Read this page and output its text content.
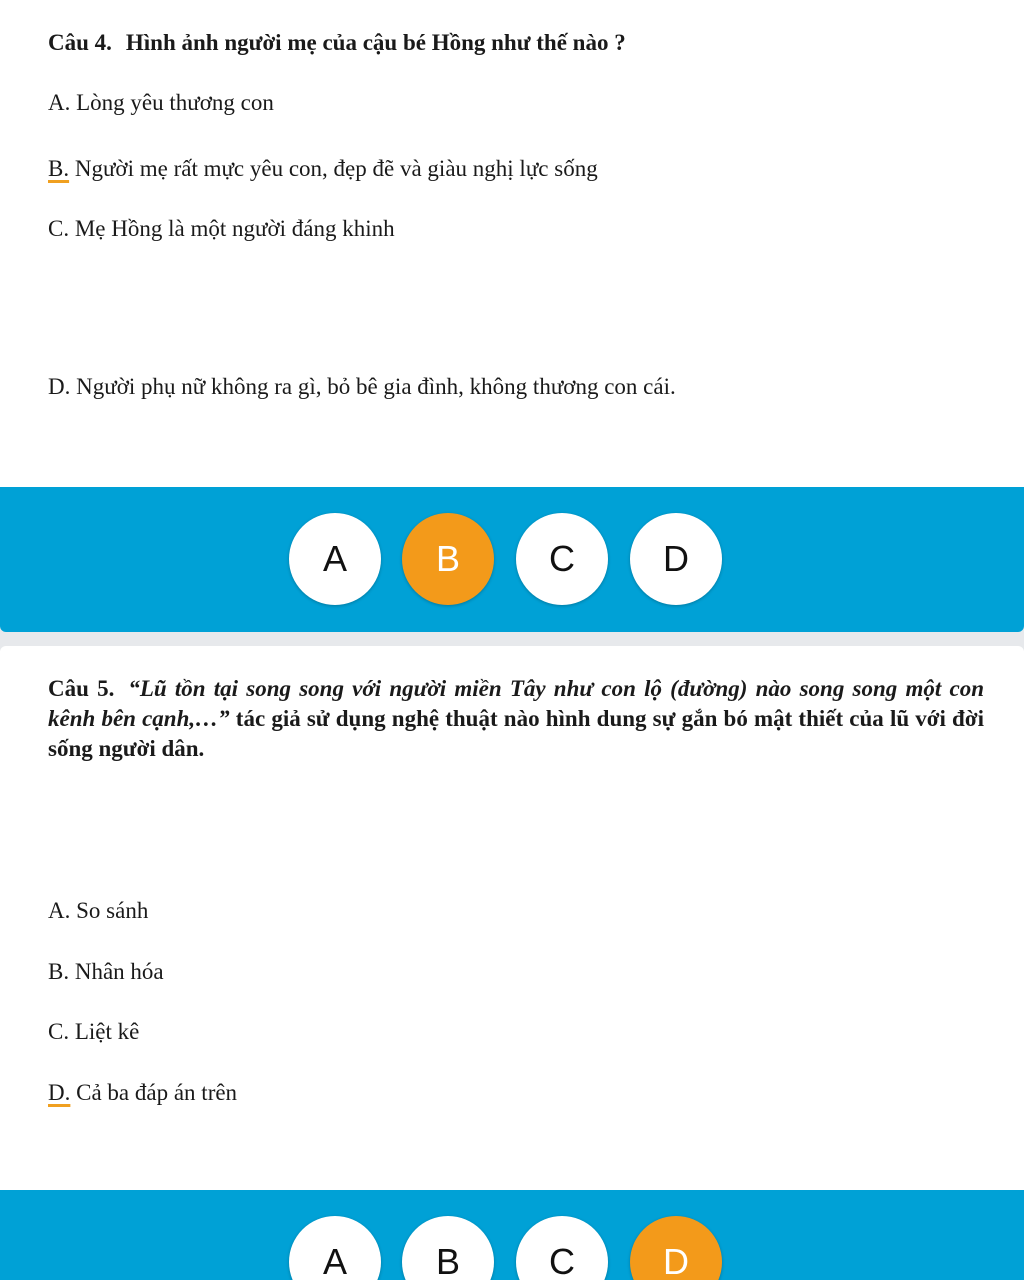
Câu 4. Hình ảnh người mẹ của cậu bé Hồng như thế nào ?
A. Lòng yêu thương con
B. Người mẹ rất mực yêu con, đẹp đẽ và giàu nghị lực sống
C. Mẹ Hồng là một người đáng khinh
D. Người phụ nữ không ra gì, bỏ bê gia đình, không thương con cái.
A	B	C	D
Câu 5. “Lũ tồn tại song song với người miền Tây như con lộ (đường) nào song song một con kênh bên cạnh,…” tác giả sử dụng nghệ thuật nào hình dung sự gắn bó mật thiết của lũ với đời sống người dân.
A. So sánh
B. Nhân hóa
C. Liệt kê
D. Cả ba đáp án trên
A	B	C	D
